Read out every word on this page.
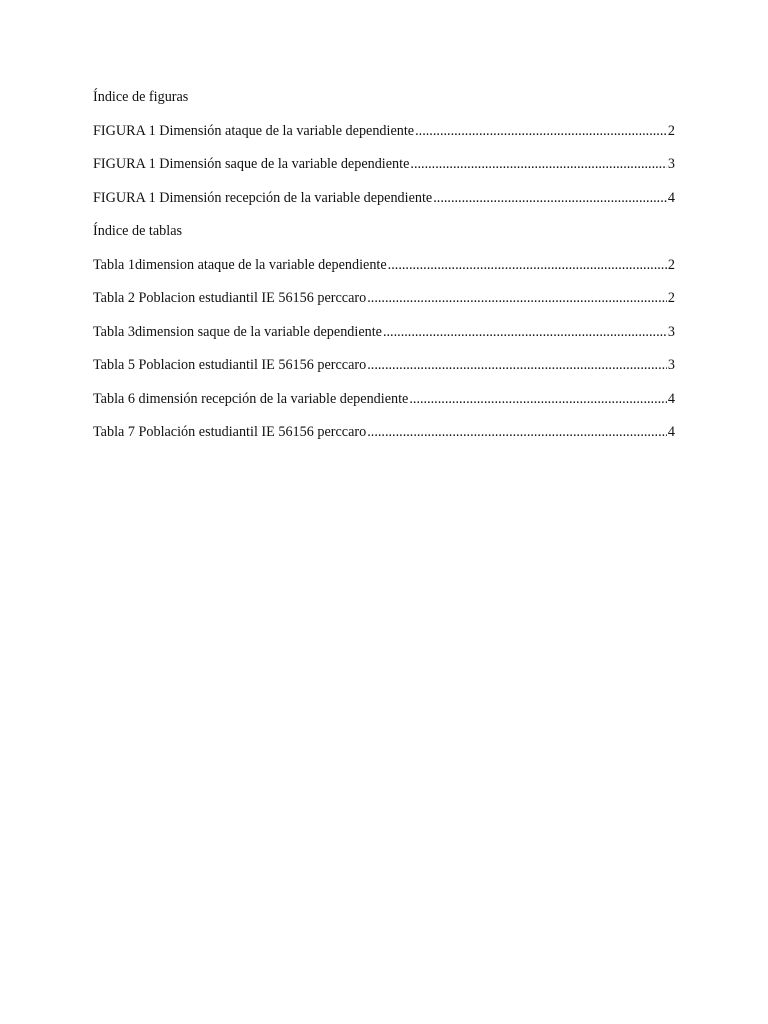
Índice de figuras
FIGURA 1 Dimensión ataque de la variable dependiente .....	2
FIGURA 1 Dimensión saque de la variable dependiente .....	3
FIGURA 1 Dimensión recepción de la variable dependiente .....	4
Índice de tablas
Tabla 1dimension ataque de la variable dependiente .....	2
Tabla 2 Poblacion estudiantil IE 56156 perccaro .....	2
Tabla 3dimension saque de la variable dependiente .....	3
Tabla 5 Poblacion estudiantil IE 56156 perccaro .....	3
Tabla 6 dimensión recepción de la variable dependiente .....	4
Tabla 7 Población estudiantil IE 56156 perccaro .....	4
